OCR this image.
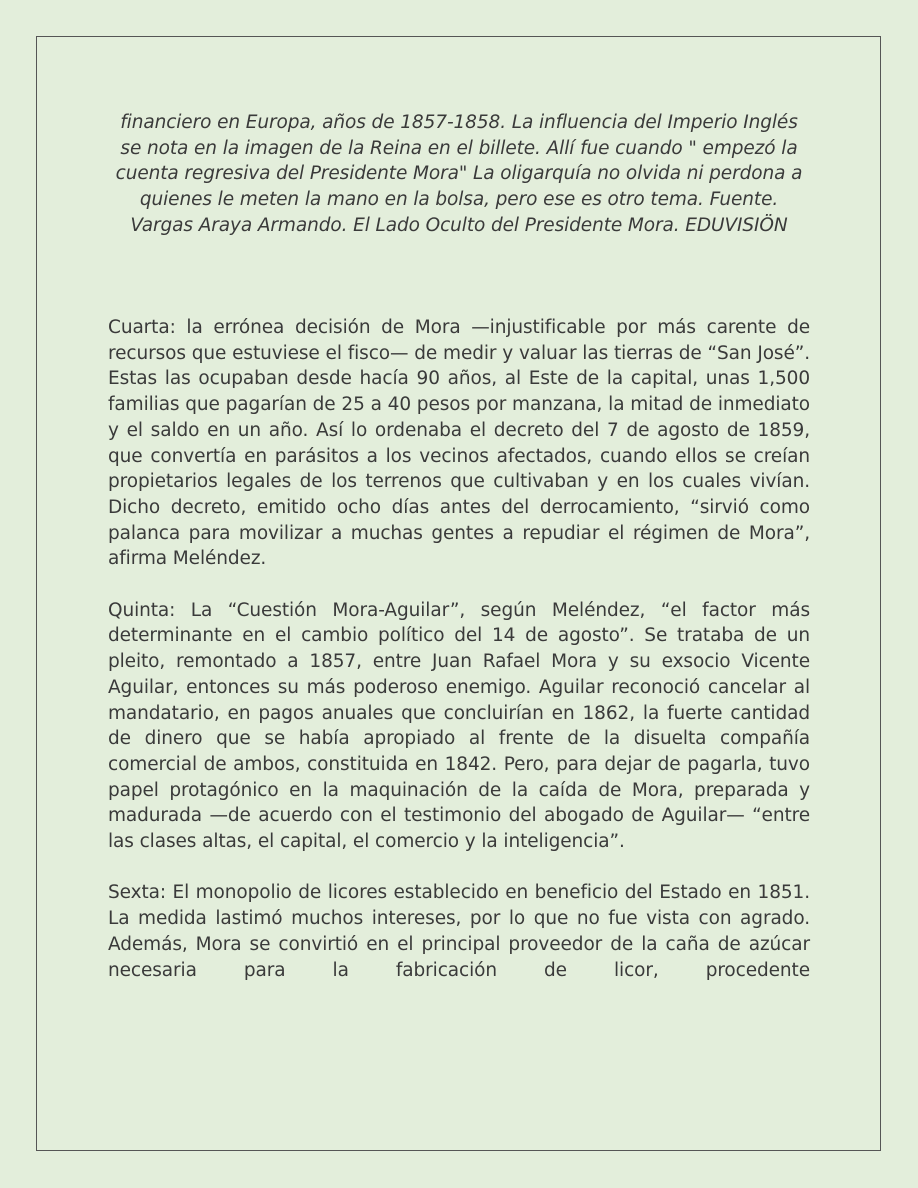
financiero en Europa, años de 1857-1858. La influencia del Imperio Inglés se nota en la imagen de la Reina en el billete. Allí fue cuando " empezó la cuenta regresiva del Presidente Mora" La oligarquía no olvida ni perdona a quienes le meten la mano en la bolsa, pero ese es otro tema. Fuente. Vargas Araya Armando. El Lado Oculto del Presidente Mora. EDUVISIÖN

Cuarta: la errónea decisión de Mora —injustificable por más carente de recursos que estuviese el fisco— de medir y valuar las tierras de “San José”. Estas las ocupaban desde hacía 90 años, al Este de la capital, unas 1,500 familias que pagarían de 25 a 40 pesos por manzana, la mitad de inmediato y el saldo en un año. Así lo ordenaba el decreto del 7 de agosto de 1859, que convertía en parásitos a los vecinos afectados, cuando ellos se creían propietarios legales de los terrenos que cultivaban y en los cuales vivían. Dicho decreto, emitido ocho días antes del derrocamiento, “sirvió como palanca para movilizar a muchas gentes a repudiar el régimen de Mora”, afirma Meléndez.

Quinta: La “Cuestión Mora-Aguilar”, según Meléndez, “el factor más determinante en el cambio político del 14 de agosto”. Se trataba de un pleito, remontado a 1857, entre Juan Rafael Mora y su exsocio Vicente Aguilar, entonces su más poderoso enemigo. Aguilar reconoció cancelar al mandatario, en pagos anuales que concluirían en 1862, la fuerte cantidad de dinero que se había apropiado al frente de la disuelta compañía comercial de ambos, constituida en 1842. Pero, para dejar de pagarla, tuvo papel protagónico en la maquinación de la caída de Mora, preparada y madurada —de acuerdo con el testimonio del abogado de Aguilar— “entre las clases altas, el capital, el comercio y la inteligencia”.

Sexta: El monopolio de licores establecido en beneficio del Estado en 1851. La medida lastimó muchos intereses, por lo que no fue vista con agrado. Además, Mora se convirtió en el principal proveedor de la caña de azúcar necesaria para la fabricación de licor, procedente
